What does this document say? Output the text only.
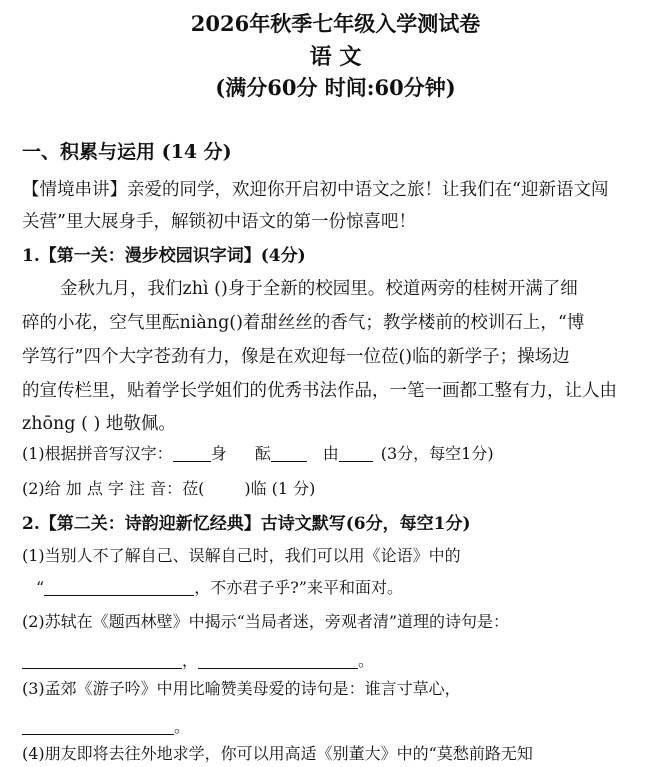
2026年秋季七年级入学测试卷
语 文
(满分60分 时间:60分钟)
一、积累与运用 (14 分)
【情境串讲】亲爱的同学，欢迎你开启初中语文之旅！让我们在“迎新语文闯
关营”里大展身手，解锁初中语文的第一份惊喜吧！
1.【第一关：漫步校园识字词】(4分)
金秋九月，我们zhì ()身于全新的校园里。校道两旁的桂树开满了细
碎的小花，空气里酝niàng()着甜丝丝的香气；教学楼前的校训石上，“博
学笃行”四个大字苍劲有力，像是在欢迎每一位莅()临的新学子；操场边
的宣传栏里，贴着学长学姐们的优秀书法作品，一笔一画都工整有力，让人由
zhōng ( ) 地敬佩。
(1)根据拼音写汉字： 身 酝	由	(3分，每空1分)
(2)给 加 点 字 注 音：莅(	)临 (1 分)
2.【第二关：诗韵迎新忆经典】古诗文默写(6分，每空1分)
(1)当别人不了解自己、误解自己时，我们可以用《论语》中的
“	，不亦君子乎?”来平和面对。
(2)苏轼在《题西林壁》中揭示“当局者迷，旁观者清”道理的诗句是：
，	。
(3)孟郊《游子吟》中用比喻赞美母爱的诗句是：谁言寸草心，
。
(4)朋友即将去往外地求学，你可以用高适《别董大》中的“莫愁前路无知
